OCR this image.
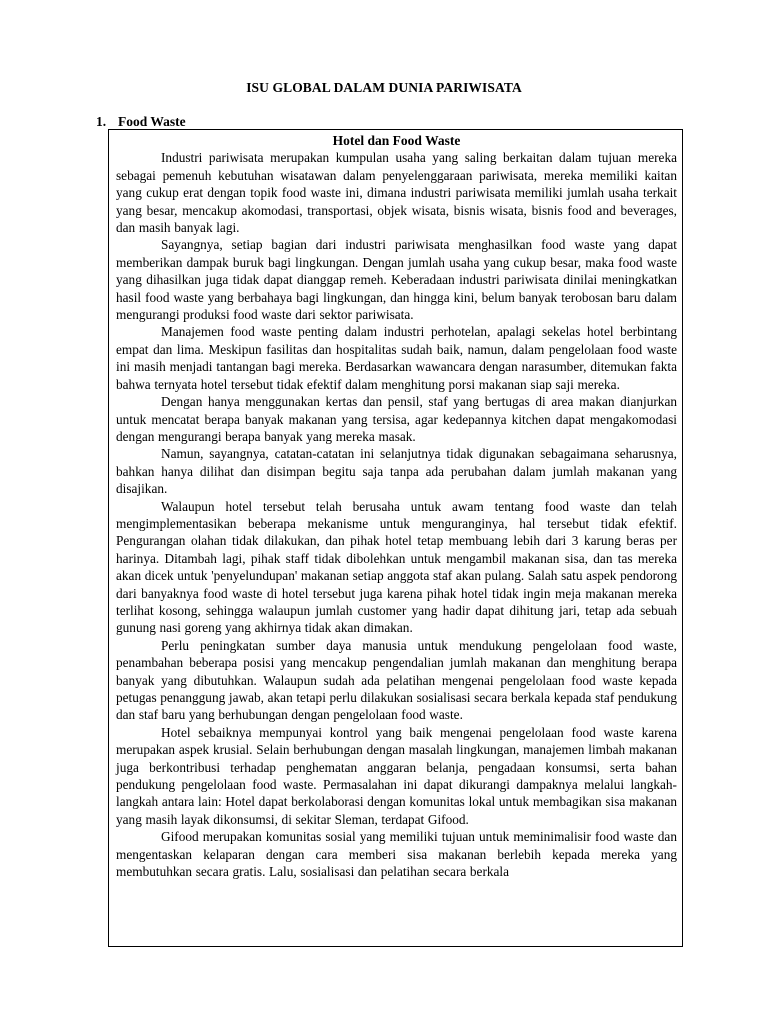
ISU GLOBAL DALAM DUNIA PARIWISATA
1. Food Waste
Hotel dan Food Waste

Industri pariwisata merupakan kumpulan usaha yang saling berkaitan dalam tujuan mereka sebagai pemenuh kebutuhan wisatawan dalam penyelenggaraan pariwisata, mereka memiliki kaitan yang cukup erat dengan topik food waste ini, dimana industri pariwisata memiliki jumlah usaha terkait yang besar, mencakup akomodasi, transportasi, objek wisata, bisnis wisata, bisnis food and beverages, dan masih banyak lagi.

Sayangnya, setiap bagian dari industri pariwisata menghasilkan food waste yang dapat memberikan dampak buruk bagi lingkungan. Dengan jumlah usaha yang cukup besar, maka food waste yang dihasilkan juga tidak dapat dianggap remeh. Keberadaan industri pariwisata dinilai meningkatkan hasil food waste yang berbahaya bagi lingkungan, dan hingga kini, belum banyak terobosan baru dalam mengurangi produksi food waste dari sektor pariwisata.

Manajemen food waste penting dalam industri perhotelan, apalagi sekelas hotel berbintang empat dan lima. Meskipun fasilitas dan hospitalitas sudah baik, namun, dalam pengelolaan food waste ini masih menjadi tantangan bagi mereka. Berdasarkan wawancara dengan narasumber, ditemukan fakta bahwa ternyata hotel tersebut tidak efektif dalam menghitung porsi makanan siap saji mereka.

Dengan hanya menggunakan kertas dan pensil, staf yang bertugas di area makan dianjurkan untuk mencatat berapa banyak makanan yang tersisa, agar kedepannya kitchen dapat mengakomodasi dengan mengurangi berapa banyak yang mereka masak.

Namun, sayangnya, catatan-catatan ini selanjutnya tidak digunakan sebagaimana seharusnya, bahkan hanya dilihat dan disimpan begitu saja tanpa ada perubahan dalam jumlah makanan yang disajikan.

Walaupun hotel tersebut telah berusaha untuk awam tentang food waste dan telah mengimplementasikan beberapa mekanisme untuk menguranginya, hal tersebut tidak efektif. Pengurangan olahan tidak dilakukan, dan pihak hotel tetap membuang lebih dari 3 karung beras per harinya. Ditambah lagi, pihak staff tidak dibolehkan untuk mengambil makanan sisa, dan tas mereka akan dicek untuk 'penyelundupan' makanan setiap anggota staf akan pulang. Salah satu aspek pendorong dari banyaknya food waste di hotel tersebut juga karena pihak hotel tidak ingin meja makanan mereka terlihat kosong, sehingga walaupun jumlah customer yang hadir dapat dihitung jari, tetap ada sebuah gunung nasi goreng yang akhirnya tidak akan dimakan.

Perlu peningkatan sumber daya manusia untuk mendukung pengelolaan food waste, penambahan beberapa posisi yang mencakup pengendalian jumlah makanan dan menghitung berapa banyak yang dibutuhkan. Walaupun sudah ada pelatihan mengenai pengelolaan food waste kepada petugas penanggung jawab, akan tetapi perlu dilakukan sosialisasi secara berkala kepada staf pendukung dan staf baru yang berhubungan dengan pengelolaan food waste.

Hotel sebaiknya mempunyai kontrol yang baik mengenai pengelolaan food waste karena merupakan aspek krusial. Selain berhubungan dengan masalah lingkungan, manajemen limbah makanan juga berkontribusi terhadap penghematan anggaran belanja, pengadaan konsumsi, serta bahan pendukung pengelolaan food waste. Permasalahan ini dapat dikurangi dampaknya melalui langkah-langkah antara lain: Hotel dapat berkolaborasi dengan komunitas lokal untuk membagikan sisa makanan yang masih layak dikonsumsi, di sekitar Sleman, terdapat Gifood.

Gifood merupakan komunitas sosial yang memiliki tujuan untuk meminimalisir food waste dan mengentaskan kelaparan dengan cara memberi sisa makanan berlebih kepada mereka yang membutuhkan secara gratis. Lalu, sosialisasi dan pelatihan secara berkala
